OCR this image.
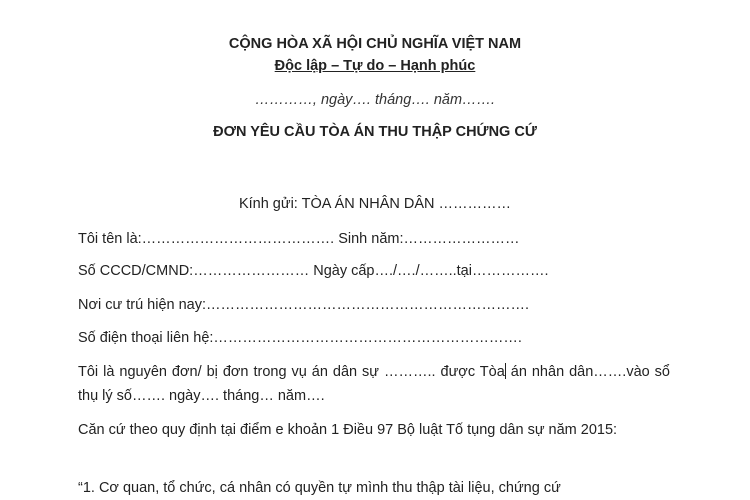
CỘNG HÒA XÃ HỘI CHỦ NGHĨA VIỆT NAM
Độc lập – Tự do – Hạnh phúc
…………, ngày…. tháng…. năm…….
ĐƠN YÊU CẦU TÒA ÁN THU THẬP CHỨNG CỨ
Kính gửi: TÒA ÁN NHÂN DÂN ……………
Tôi tên là:…………………………………. Sinh năm:……………………
Số CCCD/CMND:…………………… Ngày cấp…./…./……..tại…………….
Nơi cư trú hiện nay:………………………………………………………….
Số điện thoại liên hệ:……………………………………………………….
Tôi là nguyên đơn/ bị đơn trong vụ án dân sự ……….. được Tòa án nhân dân…….vào sổ thụ lý số……. ngày…. tháng… năm….
Căn cứ theo quy định tại điểm e khoản 1 Điều 97 Bộ luật Tố tụng dân sự năm 2015:
“1. Cơ quan, tổ chức, cá nhân có quyền tự mình thu thập tài liệu, chứng cứ
